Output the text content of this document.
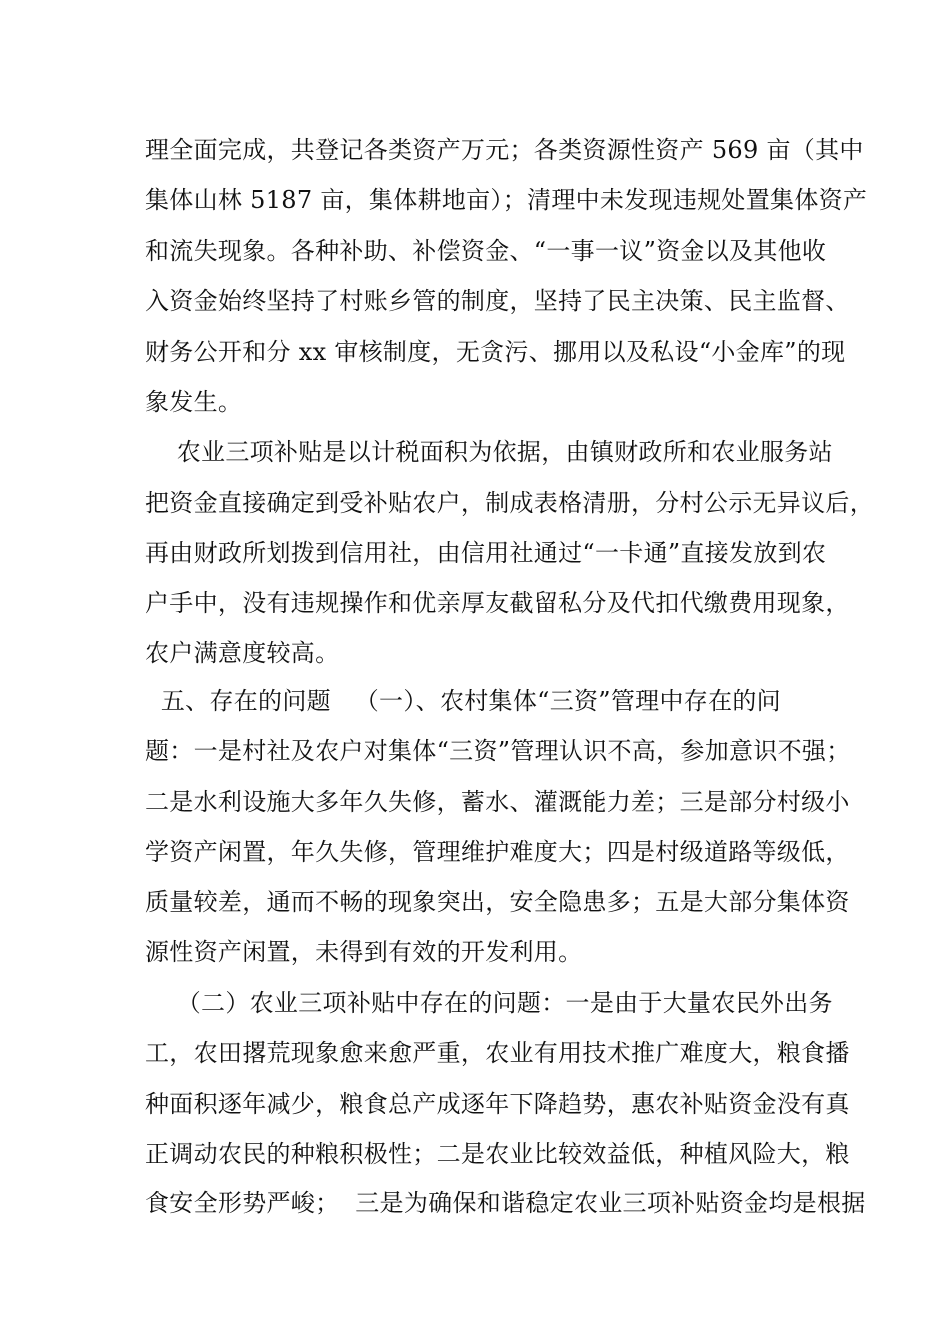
理全面完成，共登记各类资产万元；各类资源性资产 569 亩（其中
集体山林 5187 亩，集体耕地亩）；清理中未发现违规处置集体资产
和流失现象。各种补助、补偿资金、“一事一议”资金以及其他收
入资金始终坚持了村账乡管的制度，坚持了民主决策、民主监督、
财务公开和分 xx 审核制度，无贪污、挪用以及私设“小金库”的现
象发生。
农业三项补贴是以计税面积为依据，由镇财政所和农业服务站
把资金直接确定到受补贴农户，制成表格清册，分村公示无异议后，
再由财政所划拨到信用社，由信用社通过“一卡通”直接发放到农
户手中，没有违规操作和优亲厚友截留私分及代扣代缴费用现象，
农户满意度较高。
五、存在的问题   （一）、农村集体“三资”管理中存在的问
题：一是村社及农户对集体“三资”管理认识不高，参加意识不强；
二是水利设施大多年久失修，蓄水、灌溉能力差；三是部分村级小
学资产闲置，年久失修，管理维护难度大；四是村级道路等级低，
质量较差，通而不畅的现象突出，安全隐患多；五是大部分集体资
源性资产闲置，未得到有效的开发利用。
（二）农业三项补贴中存在的问题：一是由于大量农民外出务
工，农田撂荒现象愈来愈严重，农业有用技术推广难度大，粮食播
种面积逐年减少，粮食总产成逐年下降趋势，惠农补贴资金没有真
正调动农民的种粮积极性；二是农业比较效益低，种植风险大，粮
食安全形势严峻；  三是为确保和谐稳定农业三项补贴资金均是根据
